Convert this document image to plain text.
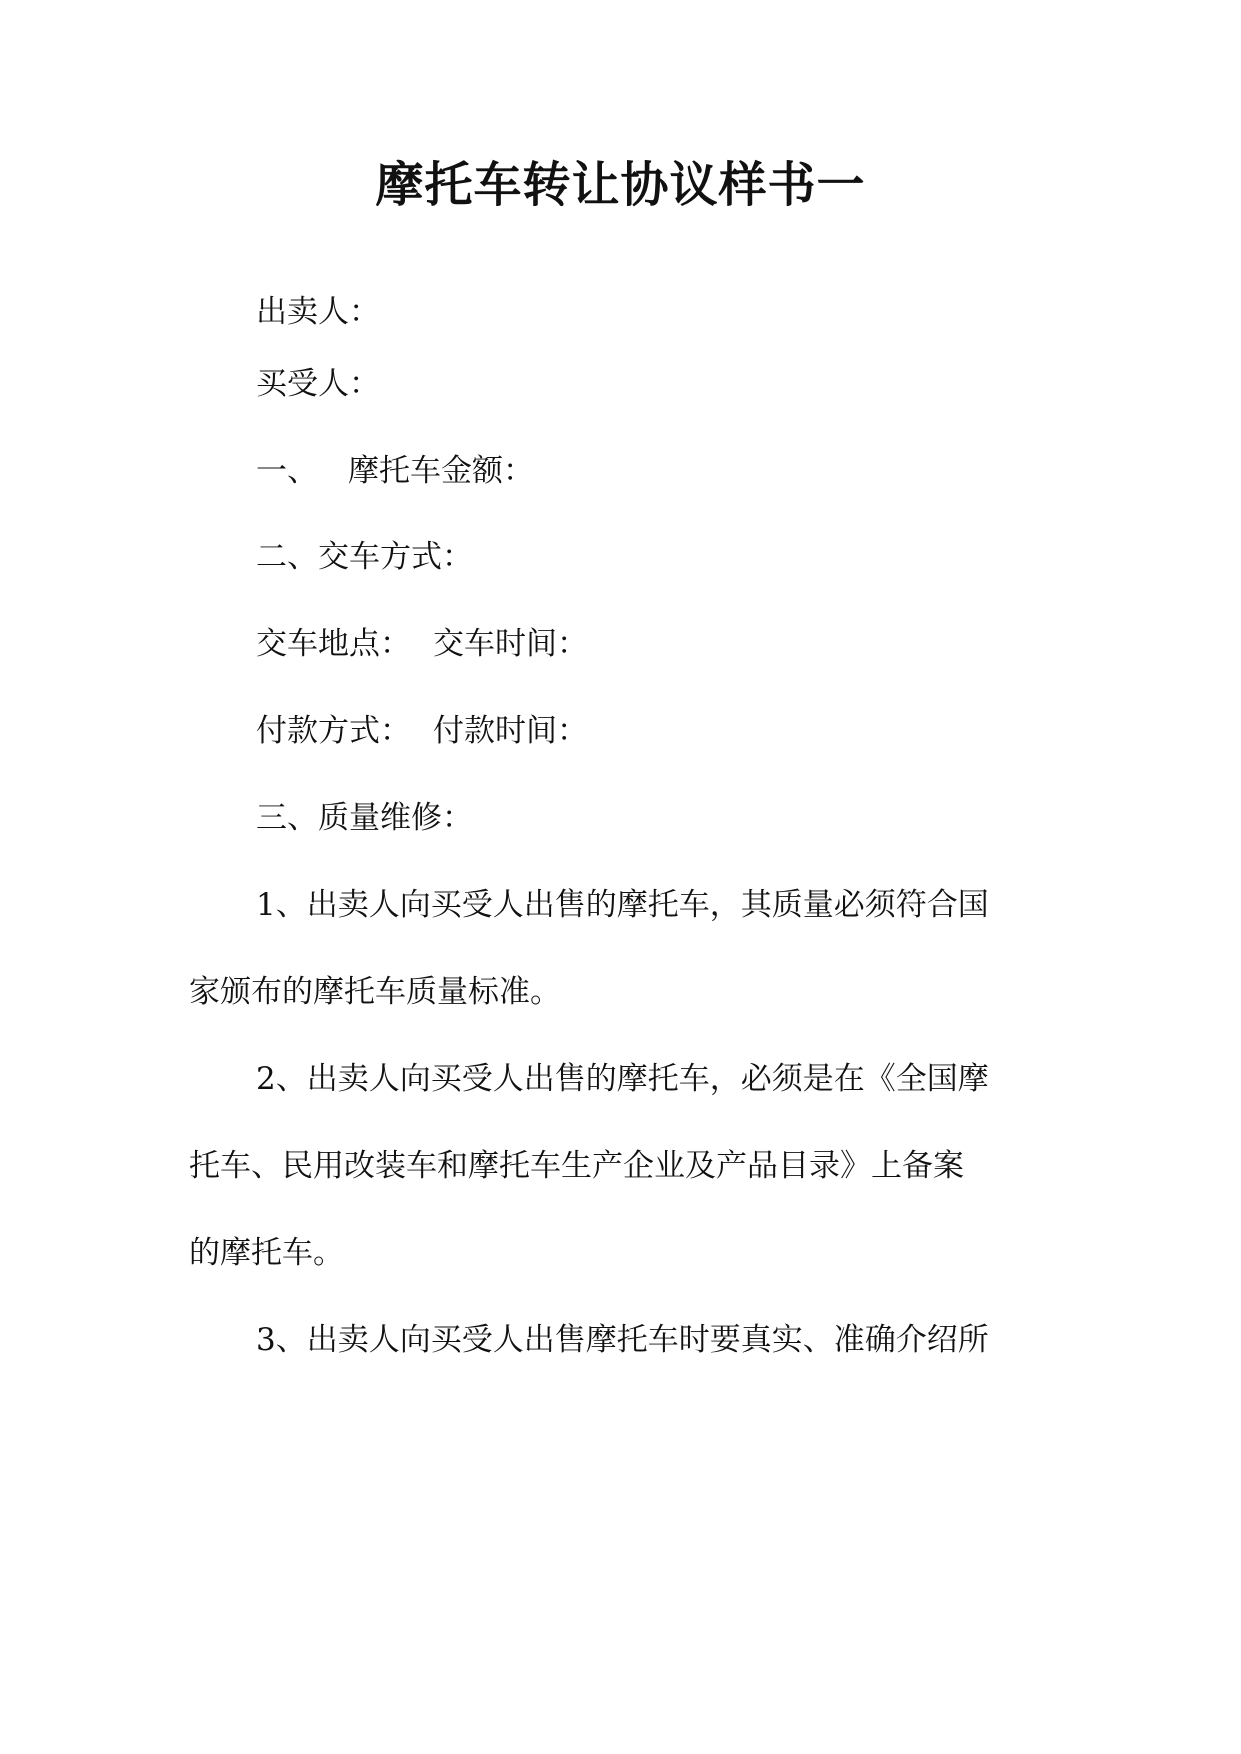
摩托车转让协议样书一
出卖人：
买受人：
一、 摩托车金额：
二、交车方式：
交车地点： 交车时间：
付款方式： 付款时间：
三、质量维修：
1、出卖人向买受人出售的摩托车，其质量必须符合国
家颁布的摩托车质量标准。
2、出卖人向买受人出售的摩托车，必须是在《全国摩
托车、民用改装车和摩托车生产企业及产品目录》上备案
的摩托车。
3、出卖人向买受人出售摩托车时要真实、准确介绍所
